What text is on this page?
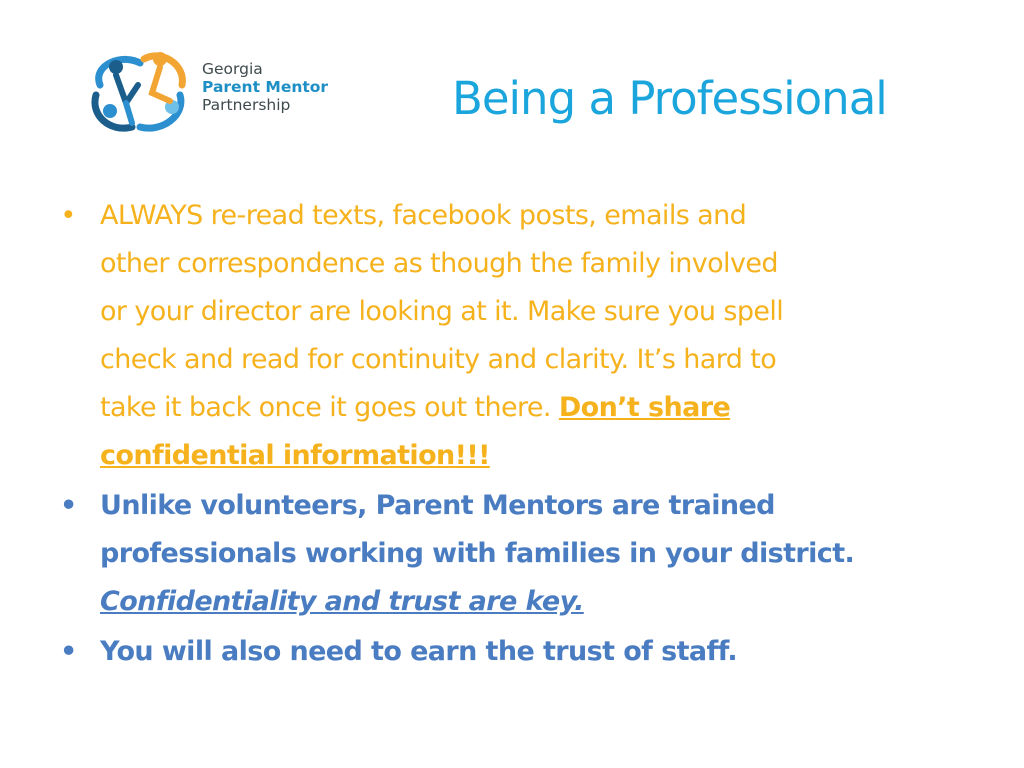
Georgia
Parent Mentor
Partnership	Being a Professional
• ALWAYS re-read texts, facebook posts, emails and
other correspondence as though the family involved
or your director are looking at it. Make sure you spell
check and read for continuity and clarity. It’s hard to
take it back once it goes out there. Don’t share
confidential information!!!
• Unlike volunteers, Parent Mentors are trained
professionals working with families in your district.
Confidentiality and trust are key.
• You will also need to earn the trust of staff.
